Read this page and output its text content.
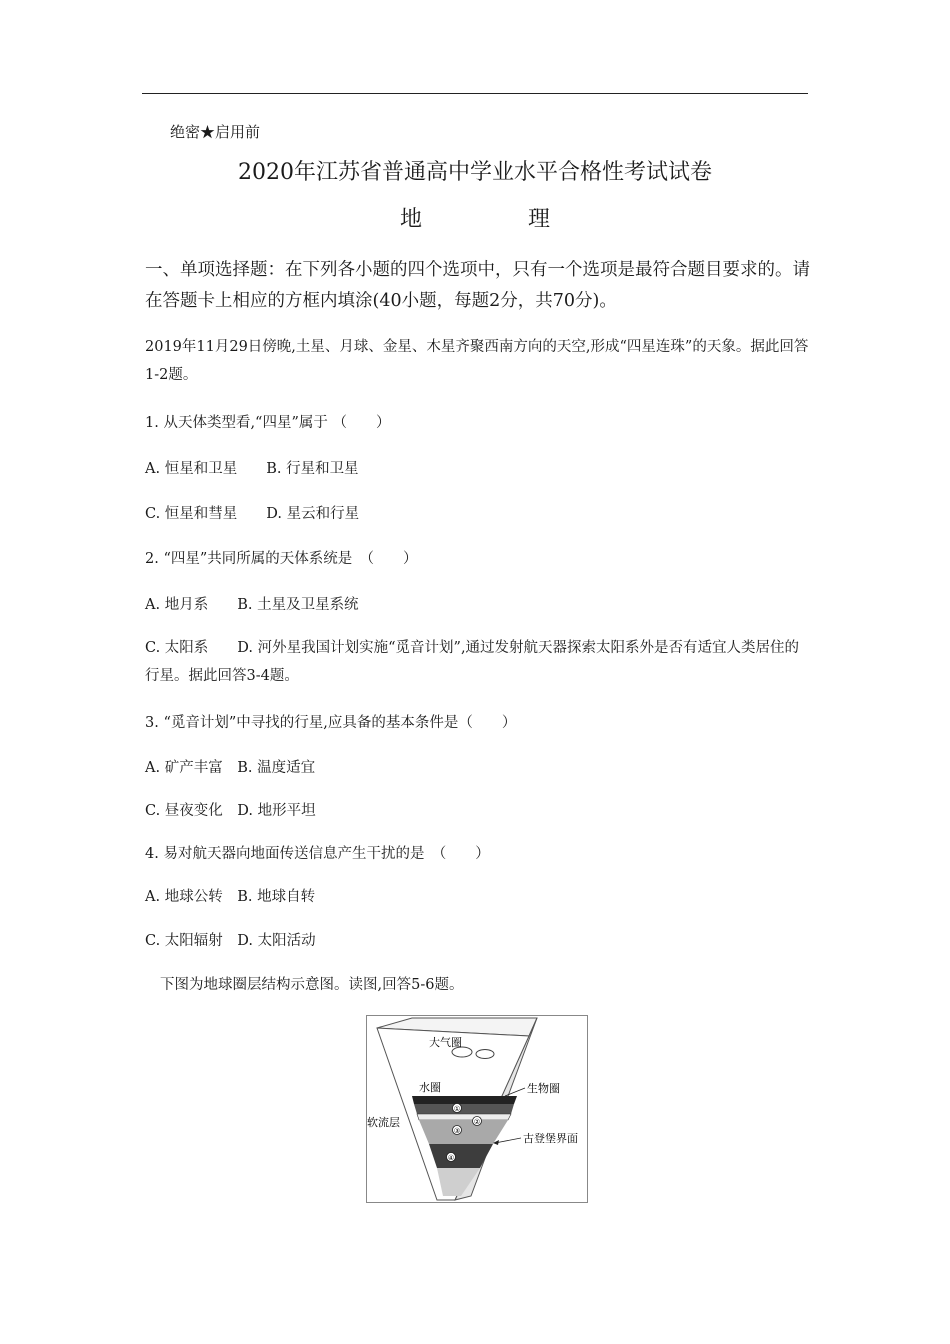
绝密★启用前
2020年江苏省普通高中学业水平合格性考试试卷
地　理
一、单项选择题：在下列各小题的四个选项中，只有一个选项是最符合题目要求的。请在答题卡上相应的方框内填涂(40小题，每题2分，共70分)。
2019年11月29日傍晚,土星、月球、金星、木星齐聚西南方向的天空,形成“四星连珠”的天象。据此回答1-2题。
1. 从天体类型看,“四星”属于 （　　）
A. 恒星和卫星　　B. 行星和卫星
C. 恒星和彗星　　D. 星云和行星
2. “四星”共同所属的天体系统是　（　　）
A. 地月系　　B. 土星及卫星系统
C. 太阳系　　D. 河外星我国计划实施“觅音计划”,通过发射航天器探索太阳系外是否有适宜人类居住的行星。据此回答3-4题。
3. “觅音计划”中寻找的行星,应具备的基本条件是（　　）
A. 矿产丰富　B. 温度适宜
C. 昼夜变化　D. 地形平坦
4. 易对航天器向地面传送信息产生干扰的是　（　　）
A. 地球公转　B. 地球自转
C. 太阳辐射　D. 太阳活动
下图为地球圈层结构示意图。读图,回答5-6题。
①
②
③
④
大气圈
水圈	生物圈
软流层
古登堡界面
